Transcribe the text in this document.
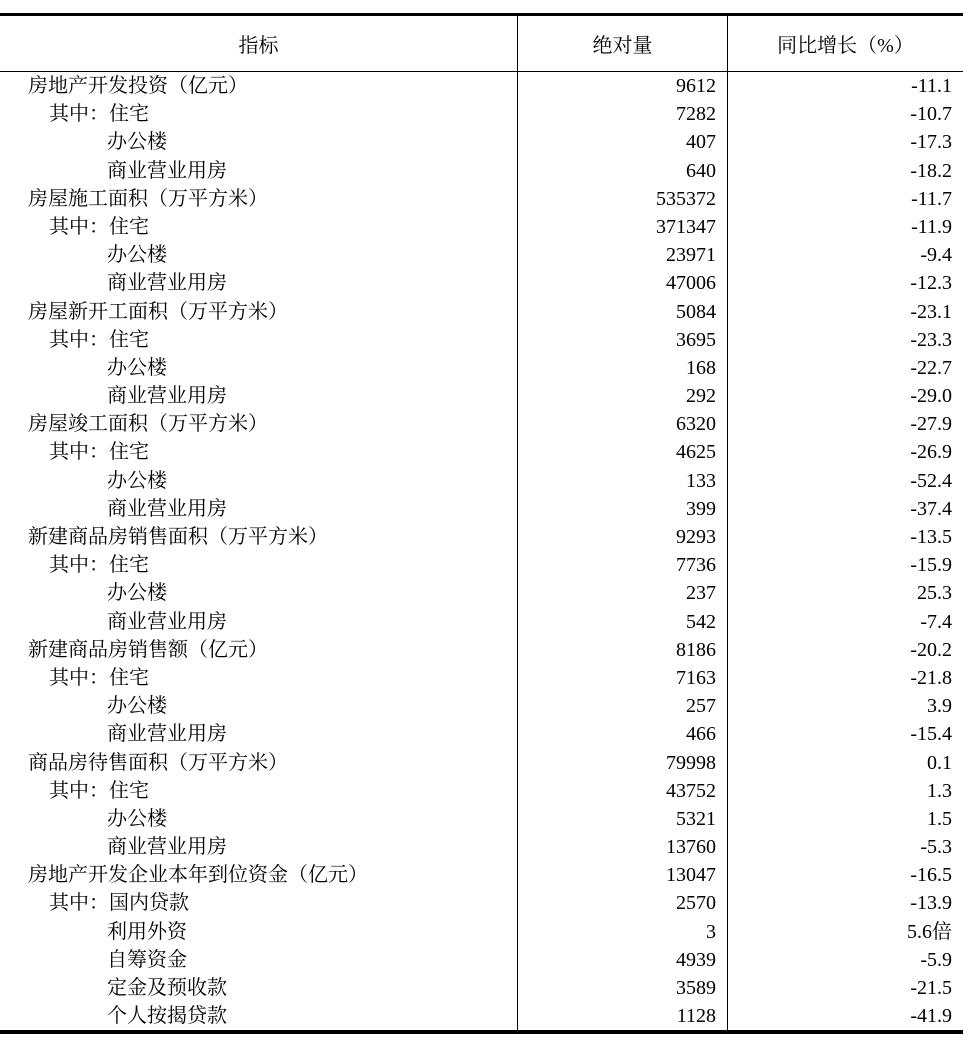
指标	绝对量	同比增长（%）
房地产开发投资（亿元）	9612	-11.1
其中：住宅	7282	-10.7
办公楼	407	-17.3
商业营业用房	640	-18.2
房屋施工面积（万平方米）	535372	-11.7
其中：住宅	371347	-11.9
办公楼	23971	-9.4
商业营业用房	47006	-12.3
房屋新开工面积（万平方米）	5084	-23.1
其中：住宅	3695	-23.3
办公楼	168	-22.7
商业营业用房	292	-29.0
房屋竣工面积（万平方米）	6320	-27.9
其中：住宅	4625	-26.9
办公楼	133	-52.4
商业营业用房	399	-37.4
新建商品房销售面积（万平方米）	9293	-13.5
其中：住宅	7736	-15.9
办公楼	237	25.3
商业营业用房	542	-7.4
新建商品房销售额（亿元）	8186	-20.2
其中：住宅	7163	-21.8
办公楼	257	3.9
商业营业用房	466	-15.4
商品房待售面积（万平方米）	79998	0.1
其中：住宅	43752	1.3
办公楼	5321	1.5
商业营业用房	13760	-5.3
房地产开发企业本年到位资金（亿元）	13047	-16.5
其中：国内贷款	2570	-13.9
利用外资	3	5.6倍
自筹资金	4939	-5.9
定金及预收款	3589	-21.5
个人按揭贷款	1128	-41.9
